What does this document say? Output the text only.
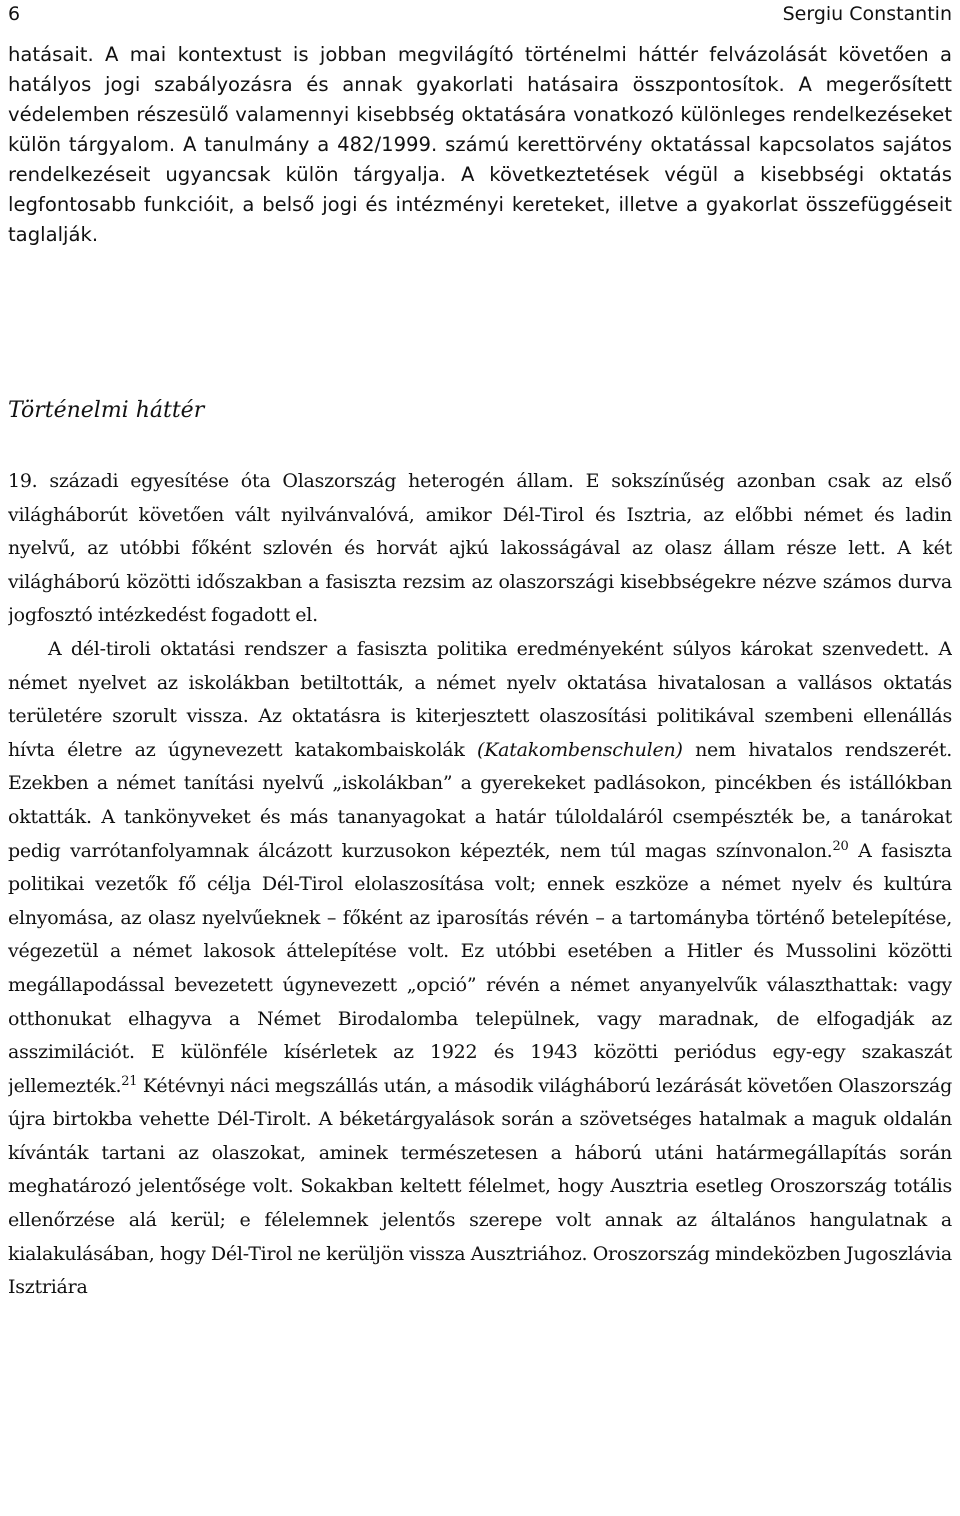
6	Sergiu Constantin
hatásait. A mai kontextust is jobban megvilágító történelmi háttér felvázolását követően a hatályos jogi szabályozásra és annak gyakorlati hatásaira összpontosítok. A megerősített védelemben részesülő valamennyi kisebbség oktatására vonatkozó különleges rendelkezéseket külön tárgyalom. A tanulmány a 482/1999. számú kerettörvény oktatással kapcsolatos sajátos rendelkezéseit ugyancsak külön tárgyalja. A következtetések végül a kisebbségi oktatás legfontosabb funkcióit, a belső jogi és intézményi kereteket, illetve a gyakorlat összefüggéseit taglalják.
Történelmi háttér

19. századi egyesítése óta Olaszország heterogén állam. E sokszínűség azonban csak az első világháborút követően vált nyilvánvalóvá, amikor Dél-Tirol és Isztria, az előbbi német és ladin nyelvű, az utóbbi főként szlovén és horvát ajkú lakosságával az olasz állam része lett. A két világháború közötti időszakban a fasiszta rezsim az olaszországi kisebbségekre nézve számos durva jogfosztó intézkedést fogadott el.

A dél-tiroli oktatási rendszer a fasiszta politika eredményeként súlyos károkat szenvedett. A német nyelvet az iskolákban betiltották, a német nyelv oktatása hivatalosan a vallásos oktatás területére szorult vissza. Az oktatásra is kiterjesztett olaszosítási politikával szembeni ellenállás hívta életre az úgynevezett katakombaiskolák (Katakombenschulen) nem hivatalos rendszerét. Ezekben a német tanítási nyelvű „iskolákban” a gyerekeket padlásokon, pincékben és istállókban oktatták. A tankönyveket és más tananyagokat a határ túloldaláról csempészték be, a tanárokat pedig varrótanfolyamnak álcázott kurzusokon képezték, nem túl magas színvonalon.$^{20}$ A fasiszta politikai vezetők fő célja Dél-Tirol elolaszosítása volt; ennek eszköze a német nyelv és kultúra elnyomása, az olasz nyelvűeknek – főként az iparosítás révén – a tartományba történő betelepítése, végezetül a német lakosok áttelepítése volt. Ez utóbbi esetében a Hitler és Mussolini közötti megállapodással bevezetett úgynevezett „opció” révén a német anyanyelvűk választhattak: vagy otthonukat elhagyva a Német Birodalomba települnek, vagy maradnak, de elfogadják az asszimilációt. E különféle kísérletek az 1922 és 1943 közötti periódus egy-egy szakaszát jellemezték.$^{21}$ Kétévnyi náci megszállás után, a második világháború lezárását követően Olaszország újra birtokba vehette Dél-Tirolt. A béketárgyalások során a szövetséges hatalmak a maguk oldalán kívánták tartani az olaszokat, aminek természetesen a háború utáni határmegállapítás során meghatározó jelentősége volt. Sokakban keltett félelmet, hogy Ausztria esetleg Oroszország totális ellenőrzése alá kerül; e félelemnek jelentős szerepe volt annak az általános hangulatnak a kialakulásában, hogy Dél-Tirol ne kerüljön vissza Ausztriához. Oroszország mindeközben Jugoszlávia Isztriára
